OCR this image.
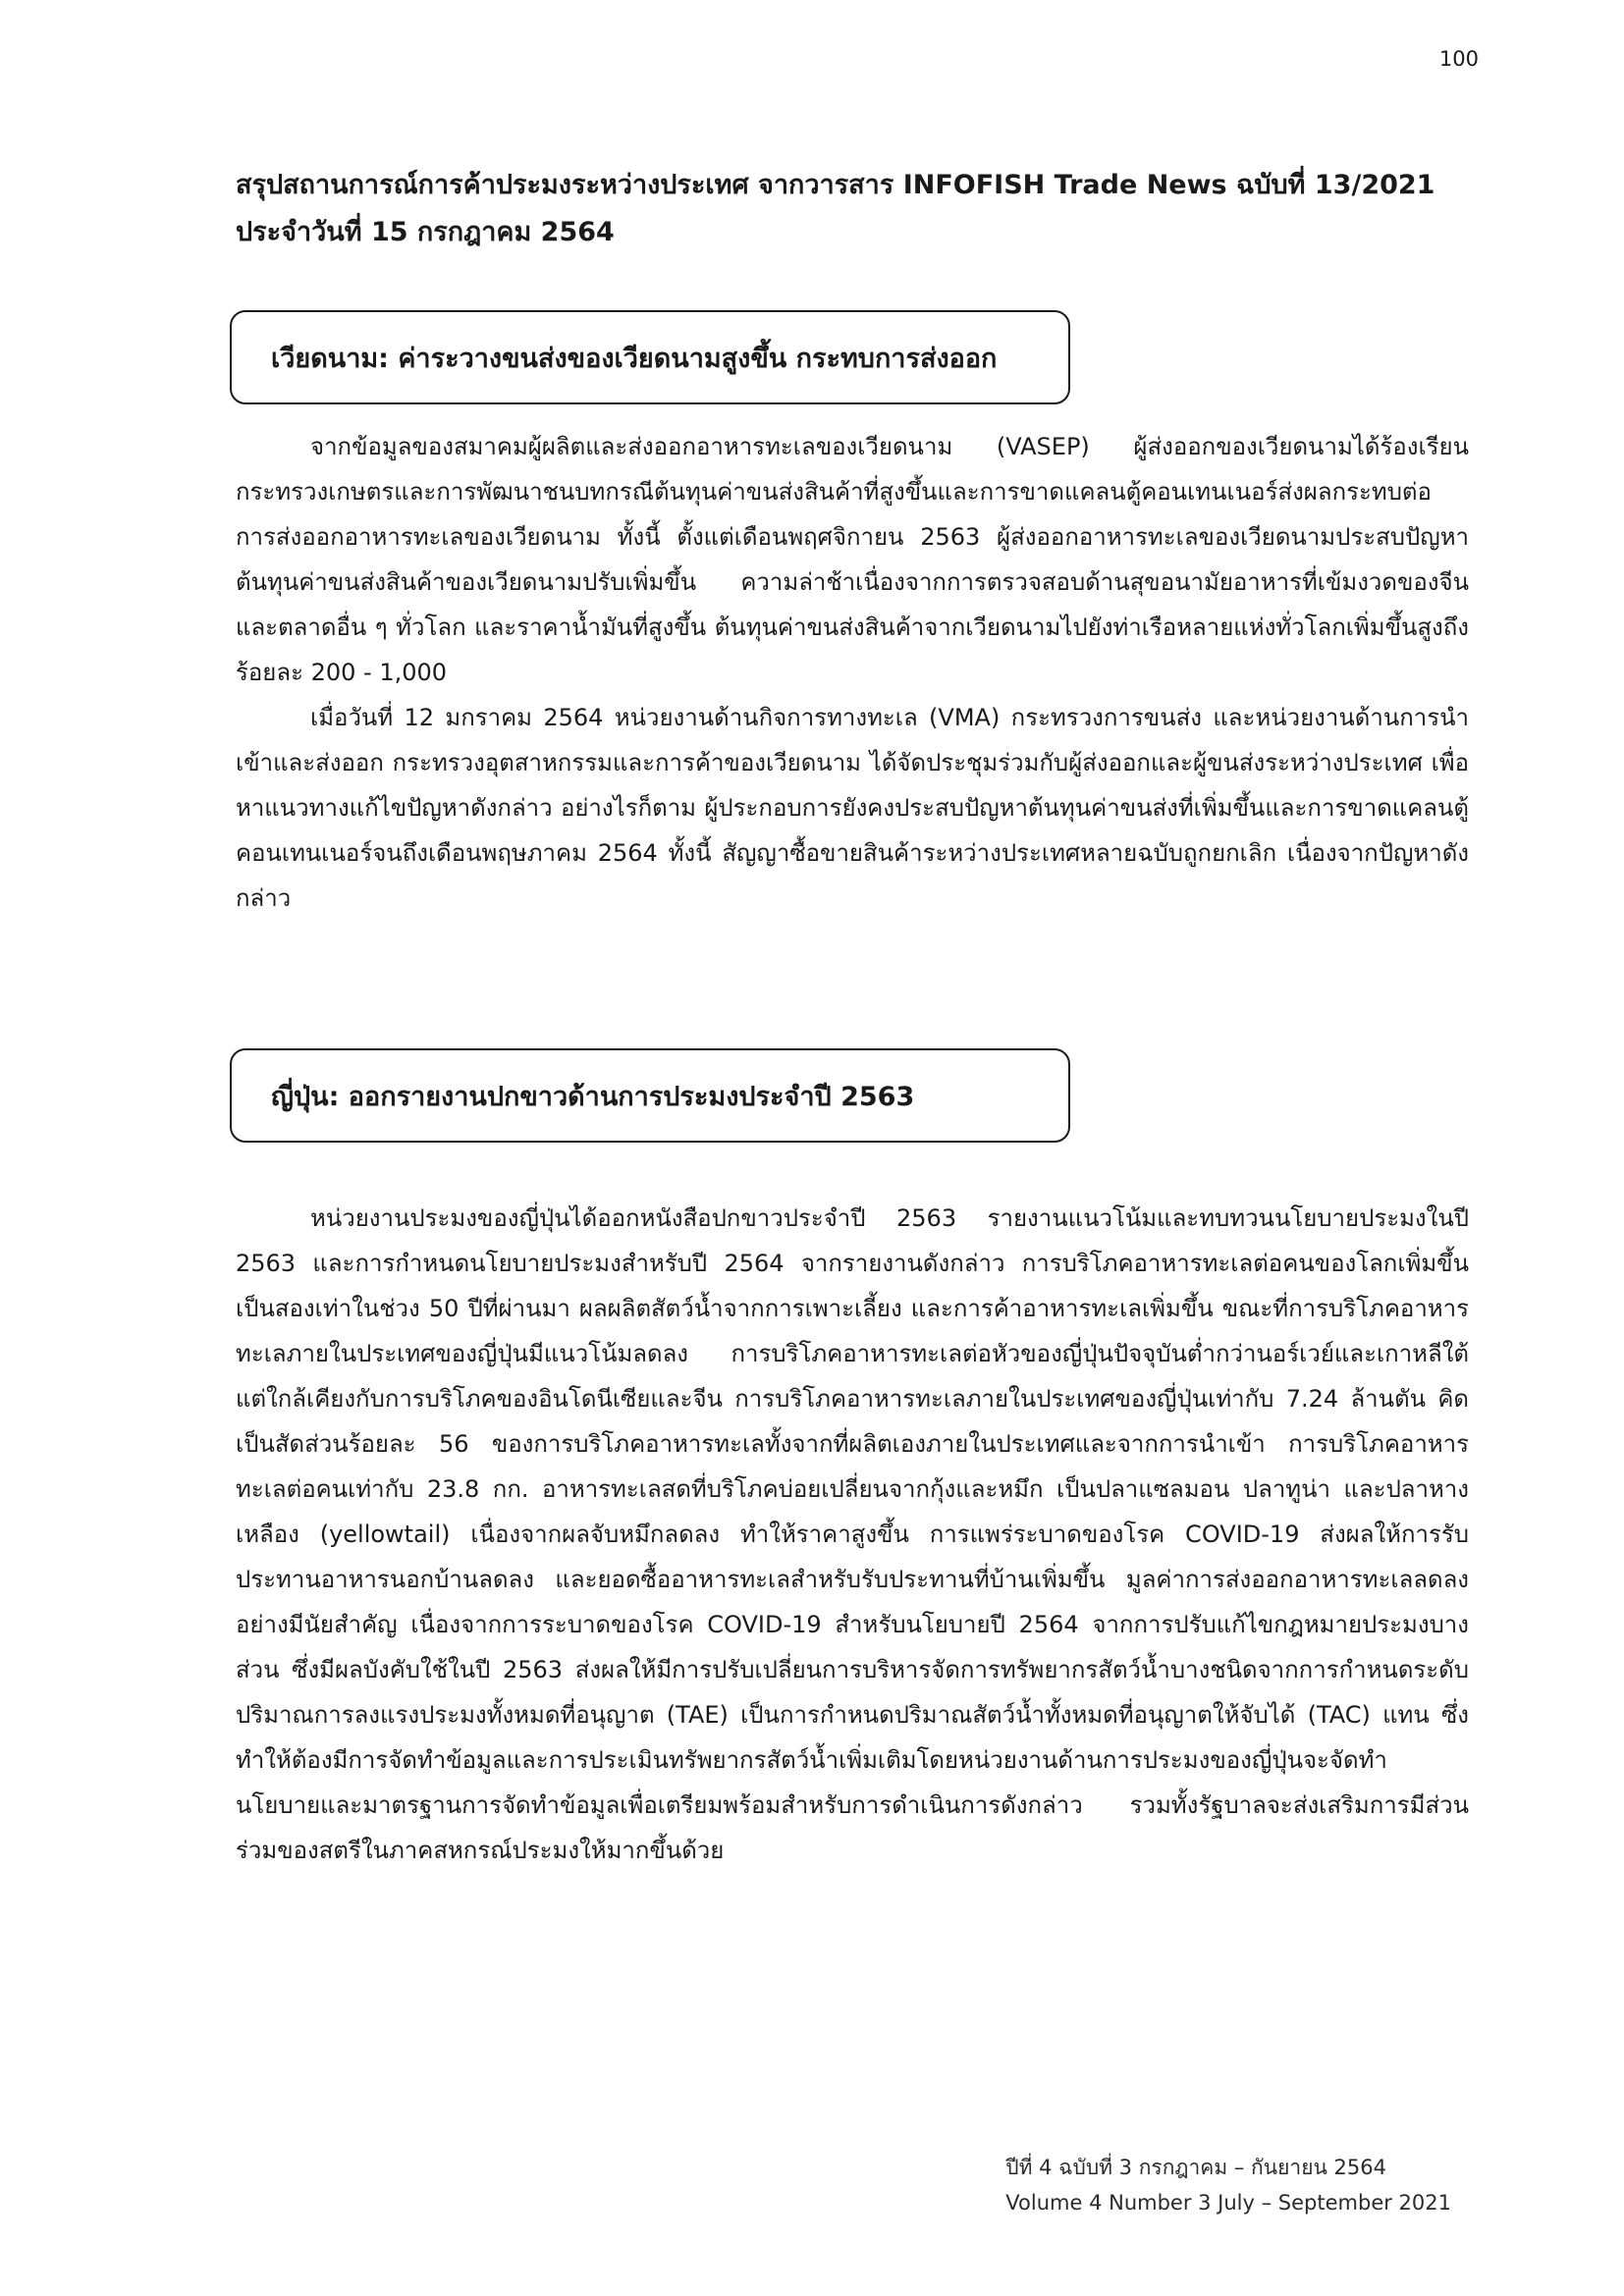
100
สรุปสถานการณ์การค้าประมงระหว่างประเทศ จากวารสาร INFOFISH Trade News ฉบับที่ 13/2021
ประจำวันที่ 15 กรกฎาคม 2564
เวียดนาม: ค่าระวางขนส่งของเวียดนามสูงขึ้น กระทบการส่งออก

จากข้อมูลของสมาคมผู้ผลิตและส่งออกอาหารทะเลของเวียดนาม (VASEP) ผู้ส่งออกของเวียดนามได้ร้องเรียนกระทรวงเกษตรและการพัฒนาชนบทกรณีต้นทุนค่าขนส่งสินค้าที่สูงขึ้นและการขาดแคลนตู้คอนเทนเนอร์ส่งผลกระทบต่อการส่งออกอาหารทะเลของเวียดนาม ทั้งนี้ ตั้งแต่เดือนพฤศจิกายน 2563 ผู้ส่งออกอาหารทะเลของเวียดนามประสบปัญหาต้นทุนค่าขนส่งสินค้าของเวียดนามปรับเพิ่มขึ้น ความล่าช้าเนื่องจากการตรวจสอบด้านสุขอนามัยอาหารที่เข้มงวดของจีนและตลาดอื่น ๆ ทั่วโลก และราคาน้ำมันที่สูงขึ้น ต้นทุนค่าขนส่งสินค้าจากเวียดนามไปยังท่าเรือหลายแห่งทั่วโลกเพิ่มขึ้นสูงถึงร้อยละ 200 - 1,000

เมื่อวันที่ 12 มกราคม 2564 หน่วยงานด้านกิจการทางทะเล (VMA) กระทรวงการขนส่ง และหน่วยงานด้านการนำเข้าและส่งออก กระทรวงอุตสาหกรรมและการค้าของเวียดนาม ได้จัดประชุมร่วมกับผู้ส่งออกและผู้ขนส่งระหว่างประเทศ เพื่อหาแนวทางแก้ไขปัญหาดังกล่าว อย่างไรก็ตาม ผู้ประกอบการยังคงประสบปัญหาต้นทุนค่าขนส่งที่เพิ่มขึ้นและการขาดแคลนตู้คอนเทนเนอร์จนถึงเดือนพฤษภาคม 2564 ทั้งนี้ สัญญาซื้อขายสินค้าระหว่างประเทศหลายฉบับถูกยกเลิก เนื่องจากปัญหาดังกล่าว

ญี่ปุ่น: ออกรายงานปกขาวด้านการประมงประจำปี 2563

หน่วยงานประมงของญี่ปุ่นได้ออกหนังสือปกขาวประจำปี 2563 รายงานแนวโน้มและทบทวนนโยบายประมงในปี 2563 และการกำหนดนโยบายประมงสำหรับปี 2564 จากรายงานดังกล่าว การบริโภคอาหารทะเลต่อคนของโลกเพิ่มขึ้นเป็นสองเท่าในช่วง 50 ปีที่ผ่านมา ผลผลิตสัตว์น้ำจากการเพาะเลี้ยง และการค้าอาหารทะเลเพิ่มขึ้น ขณะที่การบริโภคอาหารทะเลภายในประเทศของญี่ปุ่นมีแนวโน้มลดลง การบริโภคอาหารทะเลต่อหัวของญี่ปุ่นปัจจุบันต่ำกว่านอร์เวย์และเกาหลีใต้ แต่ใกล้เคียงกับการบริโภคของอินโดนีเซียและจีน การบริโภคอาหารทะเลภายในประเทศของญี่ปุ่นเท่ากับ 7.24 ล้านตัน คิดเป็นสัดส่วนร้อยละ 56 ของการบริโภคอาหารทะเลทั้งจากที่ผลิตเองภายในประเทศและจากการนำเข้า การบริโภคอาหารทะเลต่อคนเท่ากับ 23.8 กก. อาหารทะเลสดที่บริโภคบ่อยเปลี่ยนจากกุ้งและหมึก เป็นปลาแซลมอน ปลาทูน่า และปลาหางเหลือง (yellowtail) เนื่องจากผลจับหมึกลดลง ทำให้ราคาสูงขึ้น การแพร่ระบาดของโรค COVID-19 ส่งผลให้การรับประทานอาหารนอกบ้านลดลง และยอดซื้ออาหารทะเลสำหรับรับประทานที่บ้านเพิ่มขึ้น มูลค่าการส่งออกอาหารทะเลลดลงอย่างมีนัยสำคัญ เนื่องจากการระบาดของโรค COVID-19 สำหรับนโยบายปี 2564 จากการปรับแก้ไขกฎหมายประมงบางส่วน ซึ่งมีผลบังคับใช้ในปี 2563 ส่งผลให้มีการปรับเปลี่ยนการบริหารจัดการทรัพยากรสัตว์น้ำบางชนิดจากการกำหนดระดับปริมาณการลงแรงประมงทั้งหมดที่อนุญาต (TAE) เป็นการกำหนดปริมาณสัตว์น้ำทั้งหมดที่อนุญาตให้จับได้ (TAC) แทน ซึ่งทำให้ต้องมีการจัดทำข้อมูลและการประเมินทรัพยากรสัตว์น้ำเพิ่มเติมโดยหน่วยงานด้านการประมงของญี่ปุ่นจะจัดทำนโยบายและมาตรฐานการจัดทำข้อมูลเพื่อเตรียมพร้อมสำหรับการดำเนินการดังกล่าว รวมทั้งรัฐบาลจะส่งเสริมการมีส่วนร่วมของสตรีในภาคสหกรณ์ประมงให้มากขึ้นด้วย

ปีที่ 4 ฉบับที่ 3 กรกฎาคม – กันยายน 2564
Volume 4 Number 3 July – September 2021
